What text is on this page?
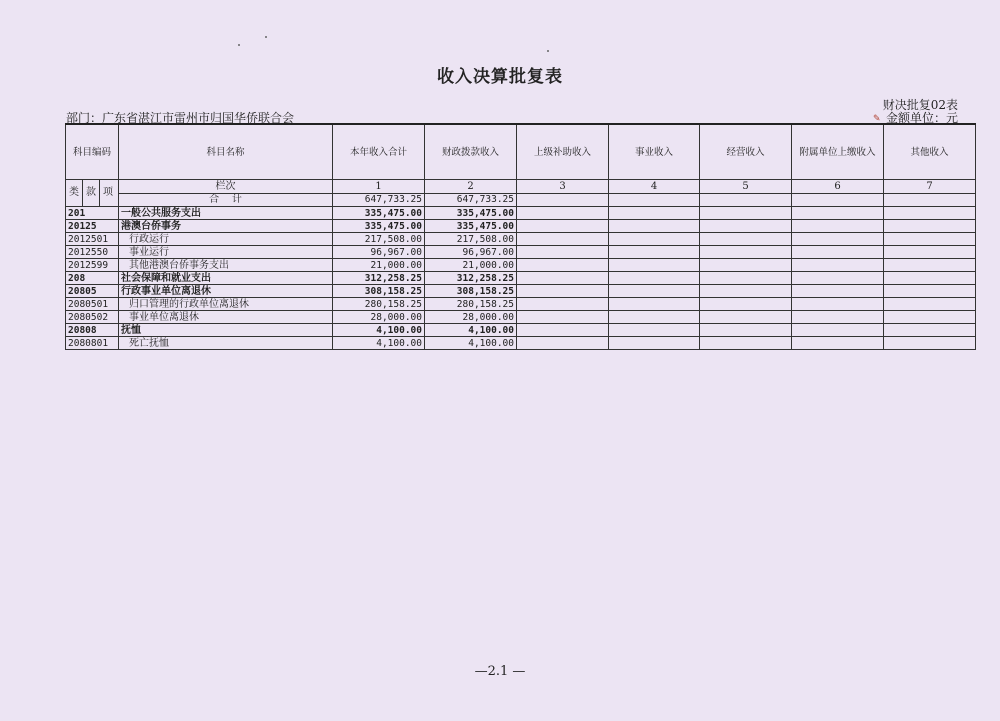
收入决算批复表
财决批复02表
部门：广东省湛江市雷州市归国华侨联合会	金额单位：元
✎
科目编码	科目名称	本年收入合计	财政拨款收入	上级补助收入	事业收入	经营收入	附属单位上缴收入	其他收入
类 款 项	栏次	1	2	3	4	5	6	7
	合    计	647,733.25	647,733.25					
201	一般公共服务支出	335,475.00	335,475.00					
20125	港澳台侨事务	335,475.00	335,475.00					
2012501	行政运行	217,508.00	217,508.00					
2012550	事业运行	96,967.00	96,967.00					
2012599	其他港澳台侨事务支出	21,000.00	21,000.00					
208	社会保障和就业支出	312,258.25	312,258.25					
20805	行政事业单位离退休	308,158.25	308,158.25					
2080501	归口管理的行政单位离退休	280,158.25	280,158.25					
2080502	事业单位离退休	28,000.00	28,000.00					
20808	抚恤	4,100.00	4,100.00					
2080801	死亡抚恤	4,100.00	4,100.00					
—2.1 —
